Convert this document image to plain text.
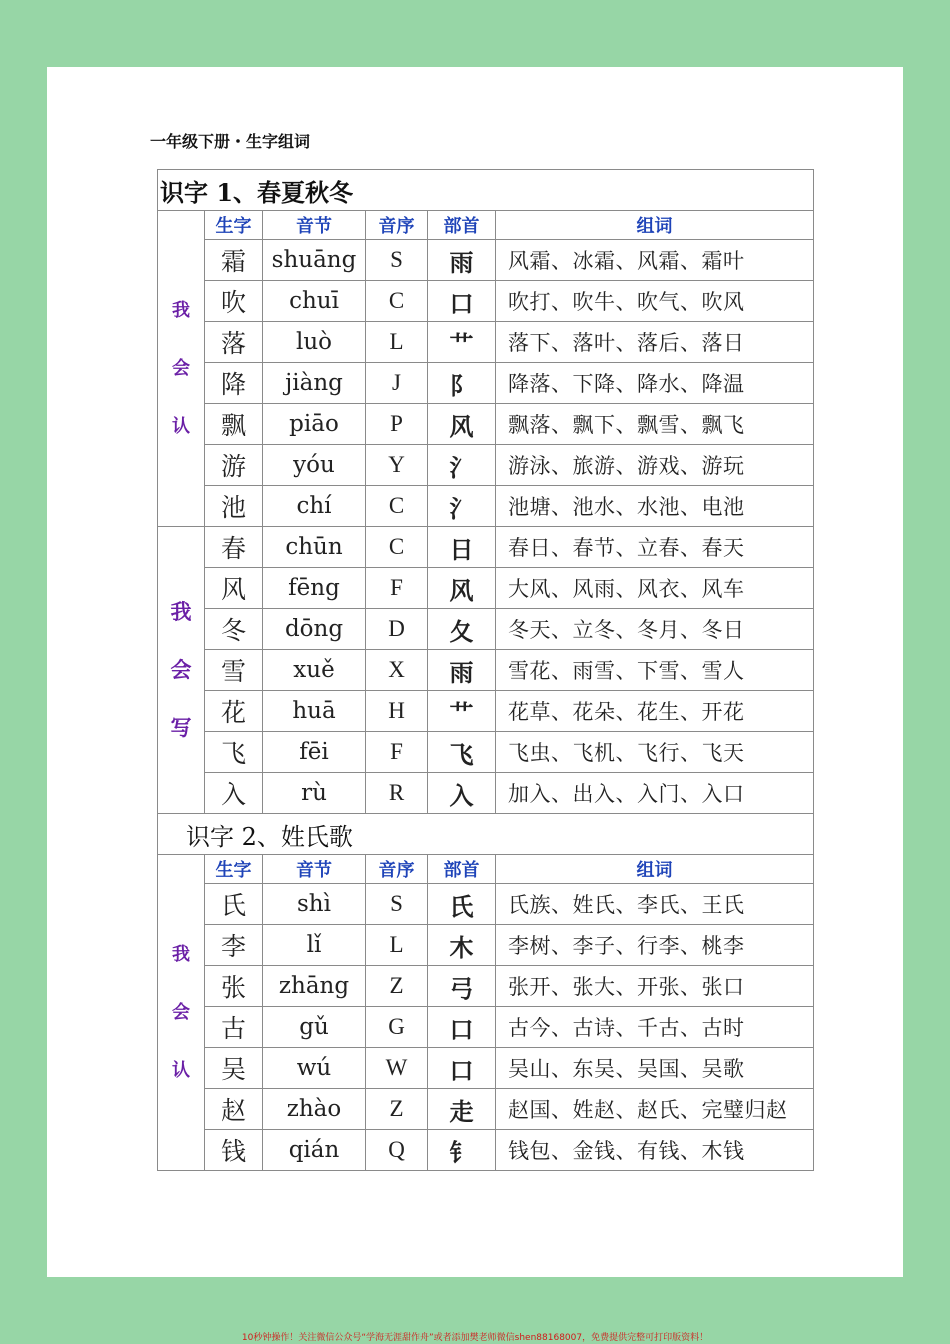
一年级下册・生字组词
识字 1、春夏秋冬					

我
会
认	生字	音节	音序	部首	组词
	霜	shuāng	S	雨	风霜、冰霜、风霜、霜叶
	吹	chuī	C	口	吹打、吹牛、吹气、吹风
	落	luò	L	艹	落下、落叶、落后、落日
	降	jiàng	J	阝	降落、下降、降水、降温
	飘	piāo	P	风	飘落、飘下、飘雪、飘飞
	游	yóu	Y	氵	游泳、旅游、游戏、游玩
	池	chí	C	氵	池塘、池水、水池、电池

我
会
写	春	chūn	C	日	春日、春节、立春、春天
	风	fēng	F	风	大风、风雨、风衣、风车
	冬	dōng	D	夂	冬天、立冬、冬月、冬日
	雪	xuě	X	雨	雪花、雨雪、下雪、雪人
	花	huā	H	艹	花草、花朵、花生、开花
	飞	fēi	F	飞	飞虫、飞机、飞行、飞天
	入	rù	R	入	加入、出入、入门、入口
识字 2、姓氏歌					

我
会
认	生字	音节	音序	部首	组词
	氏	shì	S	氏	氏族、姓氏、李氏、王氏
	李	lǐ	L	木	李树、李子、行李、桃李
	张	zhāng	Z	弓	张开、张大、开张、张口
	古	gǔ	G	口	古今、古诗、千古、古时
	吴	wú	W	口	吴山、东吴、吴国、吴歌
	赵	zhào	Z	走	赵国、姓赵、赵氏、完璧归赵
	钱	qián	Q	钅	钱包、金钱、有钱、木钱
10秒钟操作！关注微信公众号“学海无涯甜作舟”或者添加樊老师微信shen88168007，免费提供完整可打印版资料！
